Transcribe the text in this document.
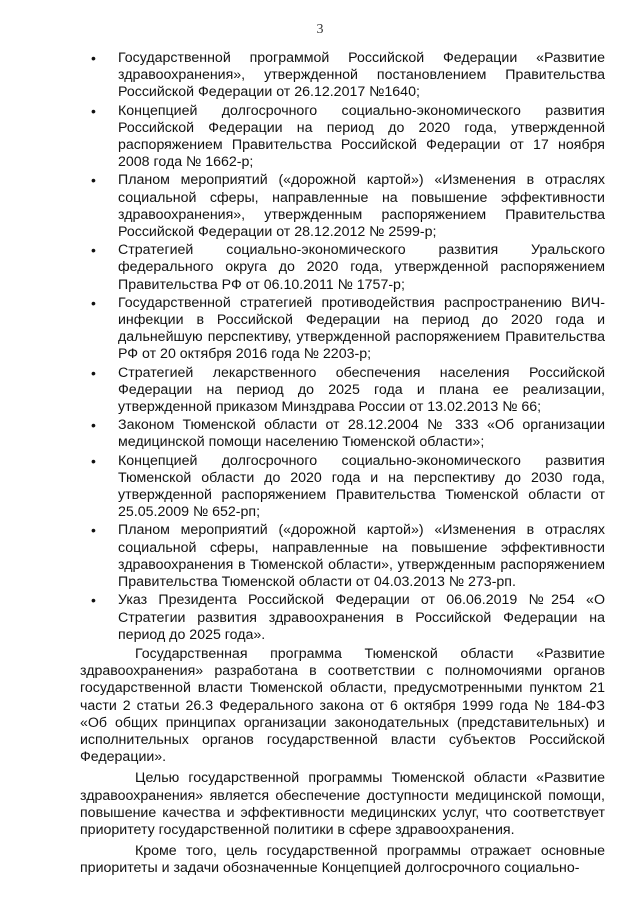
3
• Государственной программой Российской Федерации «Развитие здравоохранения», утвержденной постановлением Правительства Российской Федерации от 26.12.2017 №1640;
• Концепцией долгосрочного социально-экономического развития Российской Федерации на период до 2020 года, утвержденной распоряжением Правительства Российской Федерации от 17 ноября 2008 года № 1662-р;
• Планом мероприятий («дорожной картой») «Изменения в отраслях социальной сферы, направленные на повышение эффективности здравоохранения», утвержденным распоряжением Правительства Российской Федерации от 28.12.2012 № 2599-р;
• Стратегией социально-экономического развития Уральского федерального округа до 2020 года, утвержденной распоряжением Правительства РФ от 06.10.2011 № 1757-р;
• Государственной стратегией противодействия распространению ВИЧ-инфекции в Российской Федерации на период до 2020 года и дальнейшую перспективу, утвержденной распоряжением Правительства РФ от 20 октября 2016 года № 2203-р;
• Стратегией лекарственного обеспечения населения Российской Федерации на период до 2025 года и плана ее реализации, утвержденной приказом Минздрава России от 13.02.2013 № 66;
• Законом Тюменской области от 28.12.2004 № 333 «Об организации медицинской помощи населению Тюменской области»;
• Концепцией долгосрочного социально-экономического развития Тюменской области до 2020 года и на перспективу до 2030 года, утвержденной распоряжением Правительства Тюменской области от 25.05.2009 № 652-рп;
• Планом мероприятий («дорожной картой») «Изменения в отраслях социальной сферы, направленные на повышение эффективности здравоохранения в Тюменской области», утвержденным распоряжением Правительства Тюменской области от 04.03.2013 № 273-рп.
• Указ Президента Российской Федерации от 06.06.2019 №254 «О Стратегии развития здравоохранения в Российской Федерации на период до 2025 года».

Государственная программа Тюменской области «Развитие здравоохранения» разработана в соответствии с полномочиями органов государственной власти Тюменской области, предусмотренными пунктом 21 части 2 статьи 26.3 Федерального закона от 6 октября 1999 года № 184-ФЗ «Об общих принципах организации законодательных (представительных) и исполнительных органов государственной власти субъектов Российской Федерации».

Целью государственной программы Тюменской области «Развитие здравоохранения» является обеспечение доступности медицинской помощи, повышение качества и эффективности медицинских услуг, что соответствует приоритету государственной политики в сфере здравоохранения.

Кроме того, цель государственной программы отражает основные приоритеты и задачи обозначенные Концепцией долгосрочного социально-
